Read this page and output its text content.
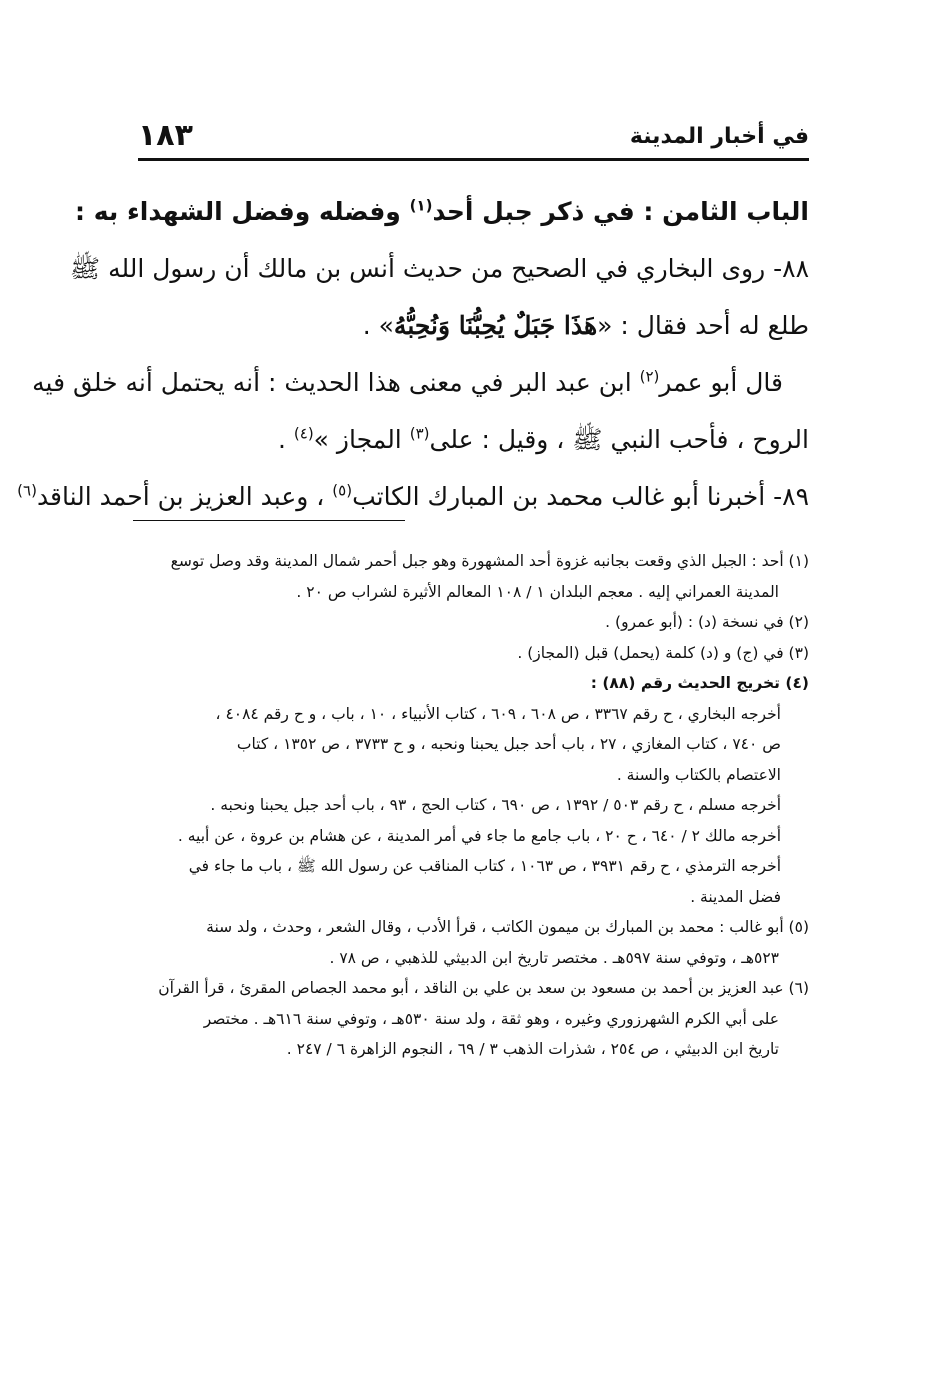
في أخبار المدينة
١٨٣
الباب الثامن : في ذكر جبل أحد$^{(١)}$ وفضله وفضل الشهداء به :
٨٨- روى البخاري في الصحيح من حديث أنس بن مالك أن رسول الله ﷺ
طلع له أحد فقال : «هَذَا جَبَلٌ يُحِبُّنَا وَنُحِبُّهُ» .
قال أبو عمر$^{(٢)}$ ابن عبد البر في معنى هذا الحديث : أنه يحتمل أنه خلق فيه
الروح ، فأحب النبي ﷺ ، وقيل : على$^{(٣)}$ المجاز »$^{(٤)}$ .
٨٩- أخبرنا أبو غالب محمد بن المبارك الكاتب$^{(٥)}$ ، وعبد العزيز بن أحمد الناقد$^{(٦)}$
(١) أحد : الجبل الذي وقعت بجانبه غزوة أحد المشهورة وهو جبل أحمر شمال المدينة وقد وصل توسع
المدينة العمراني إليه . معجم البلدان ١ / ١٠٨ المعالم الأثيرة لشراب ص ٢٠ .
(٢) في نسخة (د) : (أبو عمرو) .
(٣) في (ج) و (د) كلمة (يحمل) قبل (المجاز) .
(٤) تخريج الحديث رقم (٨٨) :
أخرجه البخاري ، ح رقم ٣٣٦٧ ، ص ٦٠٨ ، ٦٠٩ ، كتاب الأنبياء ، ١٠ ، باب ، و ح رقم ٤٠٨٤ ،
ص ٧٤٠ ، كتاب المغازي ، ٢٧ ، باب أحد جبل يحبنا ونحبه ، و ح ٣٧٣٣ ، ص ١٣٥٢ ، كتاب
الاعتصام بالكتاب والسنة .
أخرجه مسلم ، ح رقم ٥٠٣ / ١٣٩٢ ، ص ٦٩٠ ، كتاب الحج ، ٩٣ ، باب أحد جبل يحبنا ونحبه .
أخرجه مالك ٢ / ٦٤٠ ، ح ٢٠ ، باب جامع ما جاء في أمر المدينة ، عن هشام بن عروة ، عن أبيه .
أخرجه الترمذي ، ح رقم ٣٩٣١ ، ص ١٠٦٣ ، كتاب المناقب عن رسول الله ﷺ ، باب ما جاء في
فضل المدينة .
(٥) أبو غالب : محمد بن المبارك بن ميمون الكاتب ، قرأ الأدب ، وقال الشعر ، وحدث ، ولد سنة
٥٢٣هـ ، وتوفي سنة ٥٩٧هـ . مختصر تاريخ ابن الدبيثي للذهبي ، ص ٧٨ .
(٦) عبد العزيز بن أحمد بن مسعود بن سعد بن علي بن الناقد ، أبو محمد الجصاص المقرئ ، قرأ القرآن
على أبي الكرم الشهرزوري وغيره ، وهو ثقة ، ولد سنة ٥٣٠هـ ، وتوفي سنة ٦١٦هـ . مختصر
تاريخ ابن الدبيثي ، ص ٢٥٤ ، شذرات الذهب ٣ / ٦٩ ، النجوم الزاهرة ٦ / ٢٤٧ .
